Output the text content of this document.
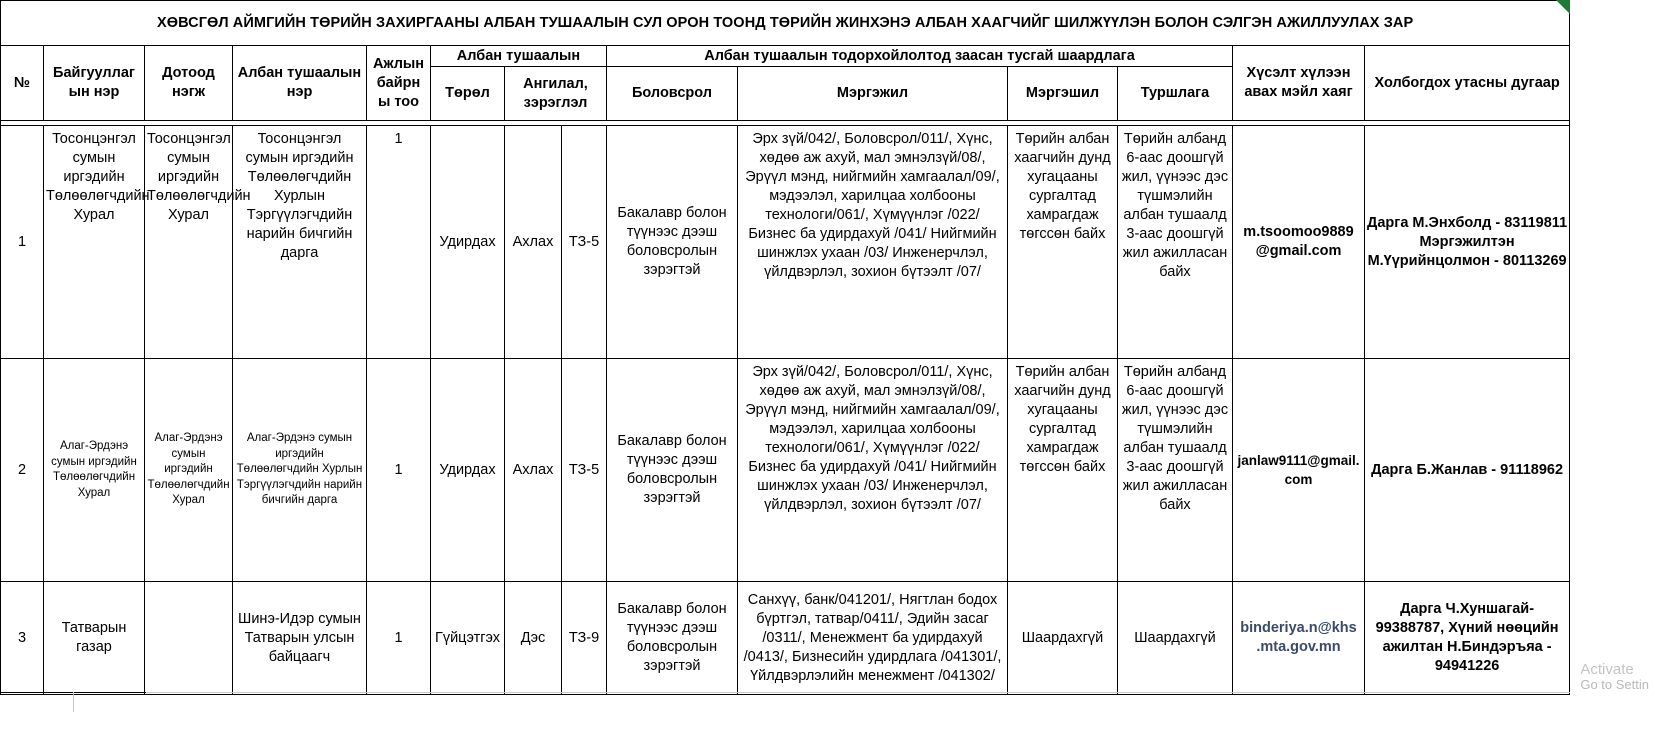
ХӨВСГӨЛ АЙМГИЙН ТӨРИЙН ЗАХИРГААНЫ АЛБАН ТУШААЛЫН СУЛ ОРОН ТООНД ТӨРИЙН ЖИНХЭНЭ АЛБАН ХААГЧИЙГ ШИЛЖҮҮЛЭН БОЛОН СЭЛГЭН АЖИЛЛУУЛАХ ЗАР													
№	Байгууллаг ын нэр	Дотоод нэгж	Албан тушаалын нэр	Ажлын байрн ы тоо	Албан тушаалын			Албан тушаалын тодорхойлолтод заасан тусгай шаардлага				Хүсэлт хүлээн авах мэйл хаяг	Холбогдох утасны дугаар
					Төрөл	Ангилал, зэрэглэл		Боловсрол	Мэргэжил	Мэргэшил	Туршлага		

1	Тосонцэнгэл сумын иргэдийн Төлөөлөгчдийн Хурал	Тосонцэнгэл сумын иргэдийн Төлөөлөгчдийн Хурал	Тосонцэнгэл сумын иргэдийн Төлөөлөгчдийн Хурлын Тэргүүлэгчдийн нарийн бичгийн дарга	1	Удирдах	Ахлах	ТЗ-5	Бакалавр болон түүнээс дээш боловсролын зэрэгтэй	Эрх зүй/042/, Боловсрол/011/, Хүнс, хөдөө аж ахуй, мал эмнэлзүй/08/, Эрүүл мэнд, нийгмийн хамгаалал/09/, мэдээлэл, харилцаа холбооны технологи/061/, Хүмүүнлэг /022/ Бизнес ба удирдахуй /041/ Нийгмийн шинжлэх ухаан /03/ Инженерчлэл, үйлдвэрлэл, зохион бүтээлт /07/	Төрийн албан хаагчийн дунд хугацааны сургалтад хамрагдаж төгссөн байх	Төрийн албанд 6-аас доошгүй жил, үүнээс дэс түшмэлийн албан тушаалд 3-аас доошгүй жил ажилласан байх	m.tsoomoo9889 @gmail.com	Дарга М.Энхболд - 83119811 Мэргэжилтэн М.Үүрийнцолмон - 80113269
2	Алаг-Эрдэнэ сумын иргэдийн Төлөөлөгчдийн Хурал	Алаг-Эрдэнэ сумын иргэдийн Төлөөлөгчдийн Хурал	Алаг-Эрдэнэ сумын иргэдийн Төлөөлөгчдийн Хурлын Тэргүүлэгчдийн нарийн бичгийн дарга	1	Удирдах	Ахлах	ТЗ-5	Бакалавр болон түүнээс дээш боловсролын зэрэгтэй	Эрх зүй/042/, Боловсрол/011/, Хүнс, хөдөө аж ахуй, мал эмнэлзүй/08/, Эрүүл мэнд, нийгмийн хамгаалал/09/, мэдээлэл, харилцаа холбооны технологи/061/, Хүмүүнлэг /022/ Бизнес ба удирдахуй /041/ Нийгмийн шинжлэх ухаан /03/ Инженерчлэл, үйлдвэрлэл, зохион бүтээлт /07/	Төрийн албан хаагчийн дунд хугацааны сургалтад хамрагдаж төгссөн байх	Төрийн албанд 6-аас доошгүй жил, үүнээс дэс түшмэлийн албан тушаалд 3-аас доошгүй жил ажилласан байх	janlaw9111@gmail. com	Дарга Б.Жанлав - 91118962
3	Татварын газар		Шинэ-Идэр сумын Татварын улсын байцаагч	1	Гүйцэтгэх	Дэс	ТЗ-9	Бакалавр болон түүнээс дээш боловсролын зэрэгтэй	Санхүү, банк/041201/, Нягтлан бодох бүртгэл, татвар/0411/, Эдийн засаг /0311/, Менежмент ба удирдахуй /0413/, Бизнесийн удирдлага /041301/, Үйлдвэрлэлийн менежмент /041302/	Шаардахгүй	Шаардахгүй	binderiya.n@khs .mta.gov.mn	Дарга Ч.Хуншагай- 99388787, Хүний нөөцийн ажилтан Н.Биндэръяа - 94941226	Activate
Go to Settin
